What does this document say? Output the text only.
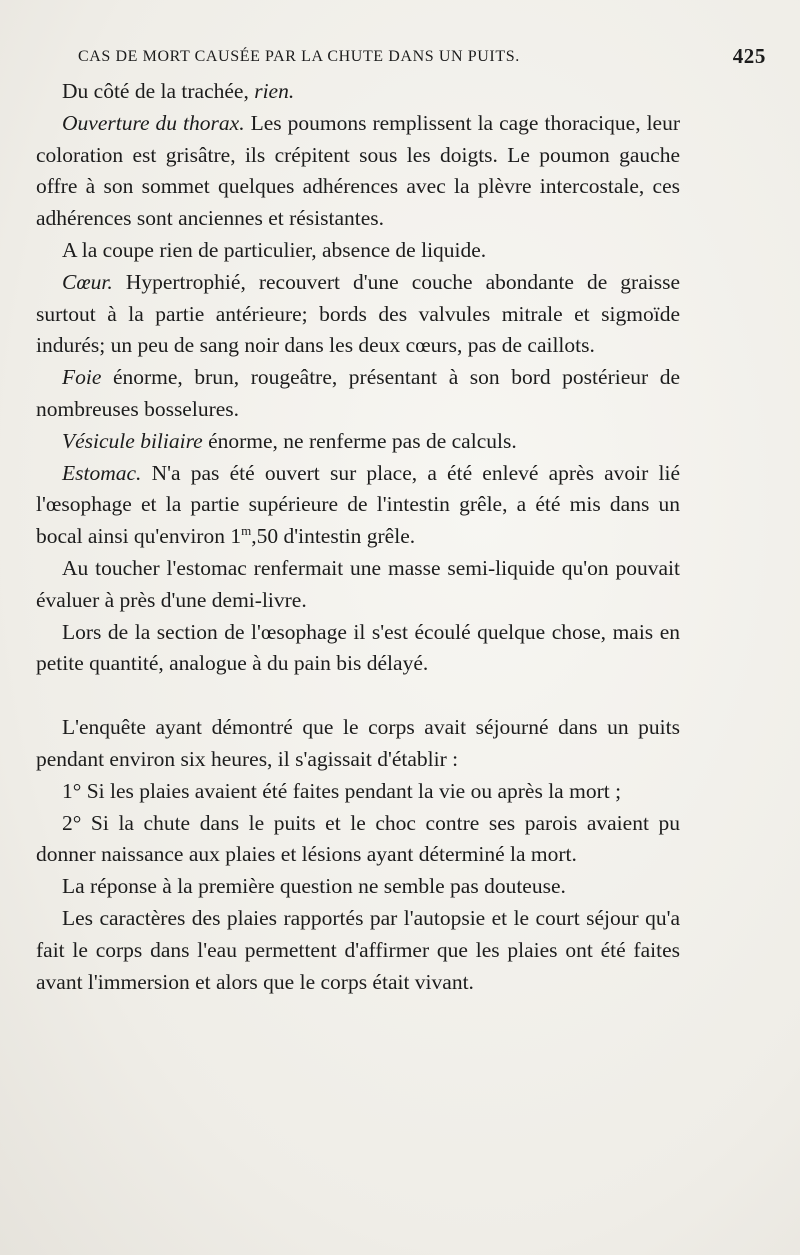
CAS DE MORT CAUSÉE PAR LA CHUTE DANS UN PUITS.	425

Du côté de la trachée, rien.

Ouverture du thorax. Les poumons remplissent la cage thoracique, leur coloration est grisâtre, ils crépitent sous les doigts. Le poumon gauche offre à son sommet quelques adhérences avec la plèvre intercostale, ces adhérences sont anciennes et résistantes.

A la coupe rien de particulier, absence de liquide.

Cœur. Hypertrophié, recouvert d'une couche abondante de graisse surtout à la partie antérieure; bords des valvules mitrale et sigmoïde indurés; un peu de sang noir dans les deux cœurs, pas de caillots.

Foie énorme, brun, rougeâtre, présentant à son bord postérieur de nombreuses bosselures.

Vésicule biliaire énorme, ne renferme pas de calculs.

Estomac. N'a pas été ouvert sur place, a été enlevé après avoir lié l'œsophage et la partie supérieure de l'intestin grêle, a été mis dans un bocal ainsi qu'environ 1$^m$,50 d'intestin grêle.

Au toucher l'estomac renfermait une masse semi-liquide qu'on pouvait évaluer à près d'une demi-livre.

Lors de la section de l'œsophage il s'est écoulé quelque chose, mais en petite quantité, analogue à du pain bis délayé.

L'enquête ayant démontré que le corps avait séjourné dans un puits pendant environ six heures, il s'agissait d'établir :

1° Si les plaies avaient été faites pendant la vie ou après la mort ;

2° Si la chute dans le puits et le choc contre ses parois avaient pu donner naissance aux plaies et lésions ayant déterminé la mort.

La réponse à la première question ne semble pas douteuse.

Les caractères des plaies rapportés par l'autopsie et le court séjour qu'a fait le corps dans l'eau permettent d'affirmer que les plaies ont été faites avant l'immersion et alors que le corps était vivant.
